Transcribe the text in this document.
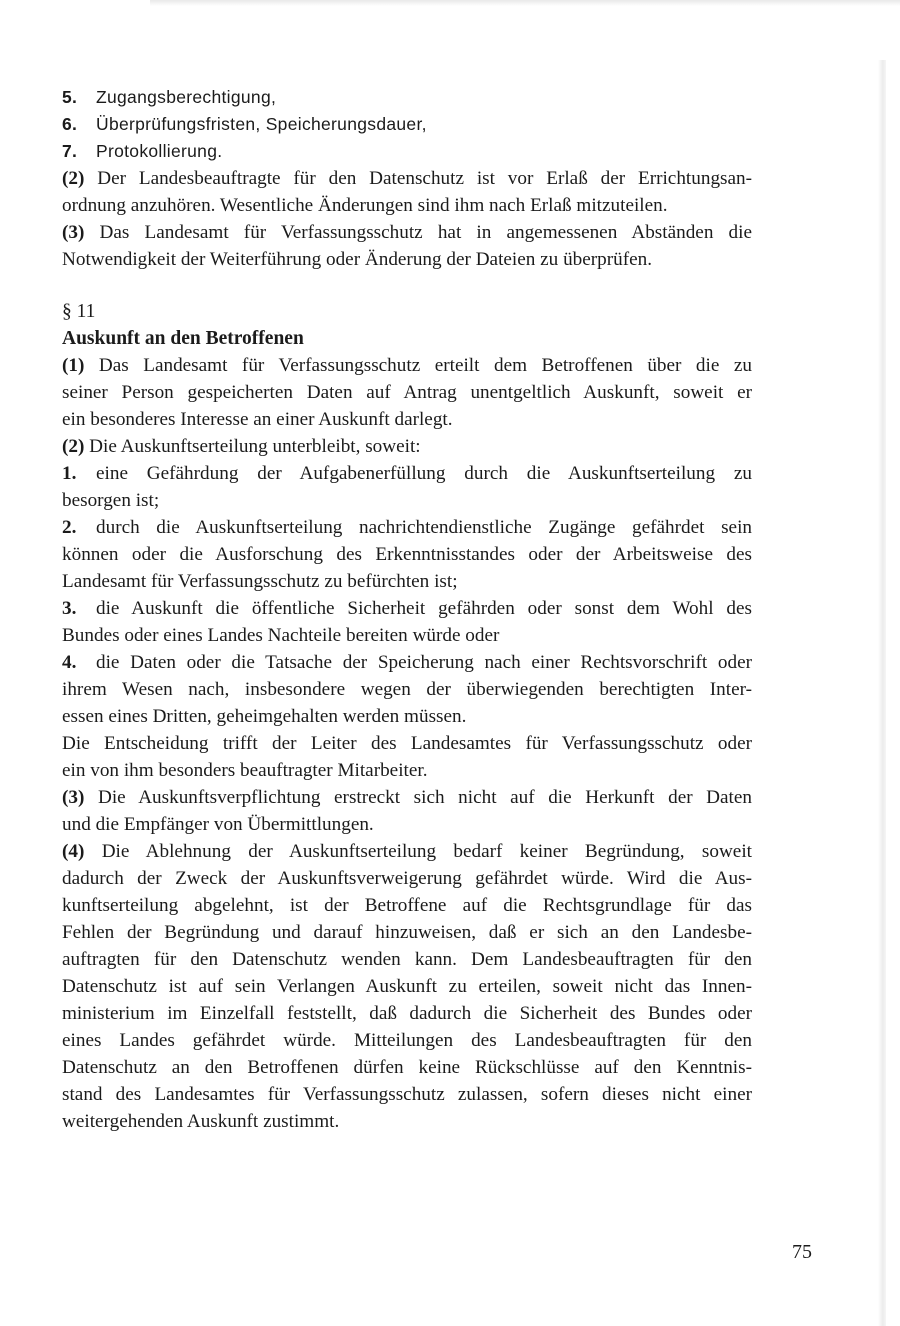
5. Zugangsberechtigung,
6. Überprüfungsfristen, Speicherungsdauer,
7. Protokollierung.
(2) Der Landesbeauftragte für den Datenschutz ist vor Erlaß der Errichtungsan-
ordnung anzuhören. Wesentliche Änderungen sind ihm nach Erlaß mitzuteilen.
(3) Das Landesamt für Verfassungsschutz hat in angemessenen Abständen die
Notwendigkeit der Weiterführung oder Änderung der Dateien zu überprüfen.
§ 11
Auskunft an den Betroffenen
(1) Das Landesamt für Verfassungsschutz erteilt dem Betroffenen über die zu
seiner Person gespeicherten Daten auf Antrag unentgeltlich Auskunft, soweit er
ein besonderes Interesse an einer Auskunft darlegt.
(2) Die Auskunftserteilung unterbleibt, soweit:
1. eine Gefährdung der Aufgabenerfüllung durch die Auskunftserteilung zu
besorgen ist;
2. durch die Auskunftserteilung nachrichtendienstliche Zugänge gefährdet sein
können oder die Ausforschung des Erkenntnisstandes oder der Arbeitsweise des
Landesamt für Verfassungsschutz zu befürchten ist;
3. die Auskunft die öffentliche Sicherheit gefährden oder sonst dem Wohl des
Bundes oder eines Landes Nachteile bereiten würde oder
4. die Daten oder die Tatsache der Speicherung nach einer Rechtsvorschrift oder
ihrem Wesen nach, insbesondere wegen der überwiegenden berechtigten Inter-
essen eines Dritten, geheimgehalten werden müssen.
Die Entscheidung trifft der Leiter des Landesamtes für Verfassungsschutz oder
ein von ihm besonders beauftragter Mitarbeiter.
(3) Die Auskunftsverpflichtung erstreckt sich nicht auf die Herkunft der Daten
und die Empfänger von Übermittlungen.
(4) Die Ablehnung der Auskunftserteilung bedarf keiner Begründung, soweit
dadurch der Zweck der Auskunftsverweigerung gefährdet würde. Wird die Aus-
kunftserteilung abgelehnt, ist der Betroffene auf die Rechtsgrundlage für das
Fehlen der Begründung und darauf hinzuweisen, daß er sich an den Landesbe-
auftragten für den Datenschutz wenden kann. Dem Landesbeauftragten für den
Datenschutz ist auf sein Verlangen Auskunft zu erteilen, soweit nicht das Innen-
ministerium im Einzelfall feststellt, daß dadurch die Sicherheit des Bundes oder
eines Landes gefährdet würde. Mitteilungen des Landesbeauftragten für den
Datenschutz an den Betroffenen dürfen keine Rückschlüsse auf den Kenntnis-
stand des Landesamtes für Verfassungsschutz zulassen, sofern dieses nicht einer
weitergehenden Auskunft zustimmt.
75
